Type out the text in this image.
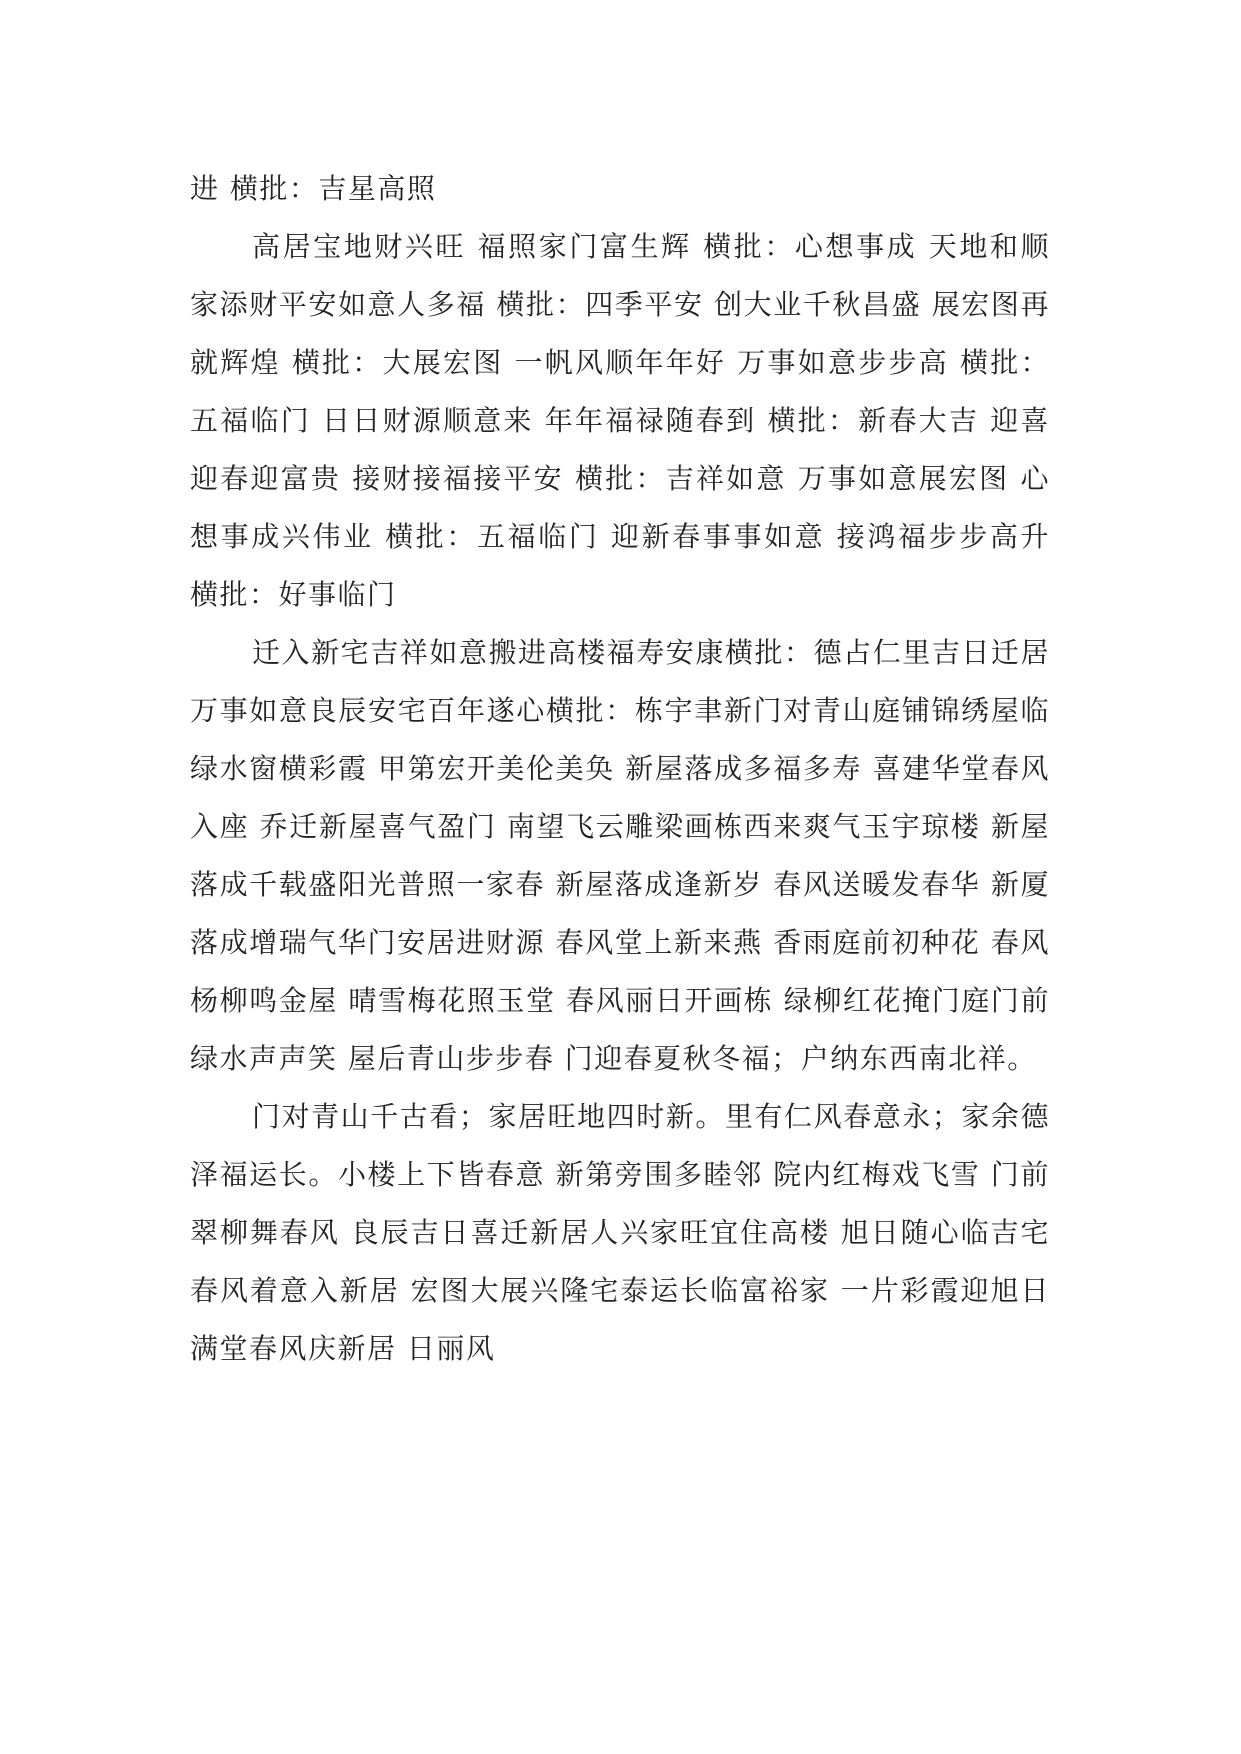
进 横批：吉星高照

高居宝地财兴旺 福照家门富生辉 横批：心想事成 天地和顺家添财平安如意人多福 横批：四季平安 创大业千秋昌盛 展宏图再就辉煌 横批：大展宏图 一帆风顺年年好 万事如意步步高 横批：五福临门 日日财源顺意来 年年福禄随春到 横批：新春大吉 迎喜迎春迎富贵 接财接福接平安 横批：吉祥如意 万事如意展宏图 心想事成兴伟业 横批：五福临门 迎新春事事如意 接鸿福步步高升 横批：好事临门

迁入新宅吉祥如意搬进高楼福寿安康横批：德占仁里吉日迁居万事如意良辰安宅百年遂心横批：栋宇聿新门对青山庭铺锦绣屋临绿水窗横彩霞 甲第宏开美伦美奂 新屋落成多福多寿 喜建华堂春风入座 乔迁新屋喜气盈门 南望飞云雕梁画栋西来爽气玉宇琼楼 新屋落成千载盛阳光普照一家春 新屋落成逢新岁 春风送暖发春华 新厦落成增瑞气华门安居进财源 春风堂上新来燕 香雨庭前初种花 春风杨柳鸣金屋 晴雪梅花照玉堂 春风丽日开画栋 绿柳红花掩门庭门前绿水声声笑 屋后青山步步春 门迎春夏秋冬福；户纳东西南北祥。

门对青山千古看；家居旺地四时新。里有仁风春意永；家余德泽福运长。小楼上下皆春意 新第旁围多睦邻 院内红梅戏飞雪 门前翠柳舞春风 良辰吉日喜迁新居人兴家旺宜住高楼 旭日随心临吉宅春风着意入新居 宏图大展兴隆宅泰运长临富裕家 一片彩霞迎旭日满堂春风庆新居 日丽风
